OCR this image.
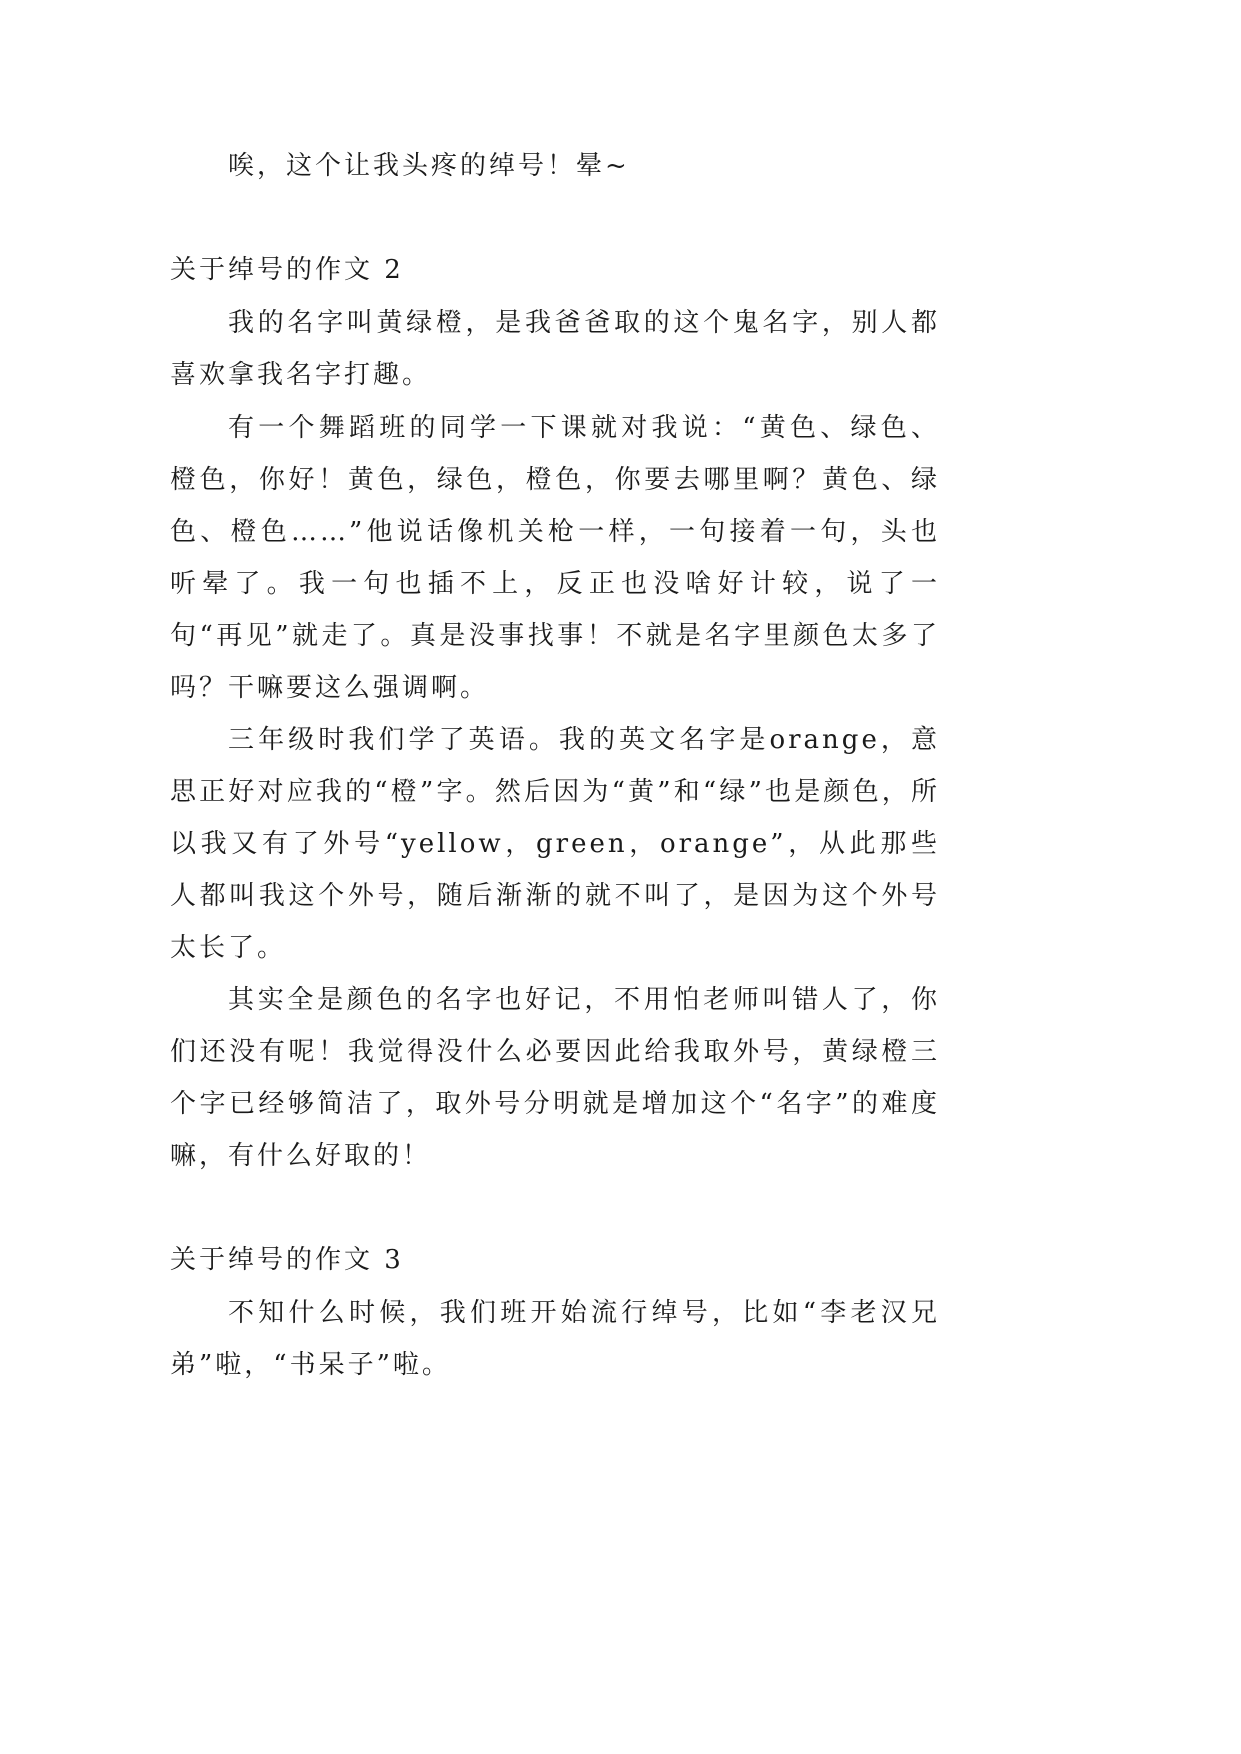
唉，这个让我头疼的绰号！晕~

关于绰号的作文 2

我的名字叫黄绿橙，是我爸爸取的这个鬼名字，别人都喜欢拿我名字打趣。

有一个舞蹈班的同学一下课就对我说：“黄色、绿色、橙色，你好！黄色，绿色，橙色，你要去哪里啊？黄色、绿色、橙色……”他说话像机关枪一样，一句接着一句，头也听晕了。我一句也插不上，反正也没啥好计较，说了一句“再见”就走了。真是没事找事！不就是名字里颜色太多了吗？干嘛要这么强调啊。

三年级时我们学了英语。我的英文名字是orange，意思正好对应我的“橙”字。然后因为“黄”和“绿”也是颜色，所以我又有了外号“yellow，green，orange”，从此那些人都叫我这个外号，随后渐渐的就不叫了，是因为这个外号太长了。

其实全是颜色的名字也好记，不用怕老师叫错人了，你们还没有呢！我觉得没什么必要因此给我取外号，黄绿橙三个字已经够简洁了，取外号分明就是增加这个“名字”的难度嘛，有什么好取的！

关于绰号的作文 3

不知什么时候，我们班开始流行绰号，比如“李老汉兄弟”啦，“书呆子”啦。
